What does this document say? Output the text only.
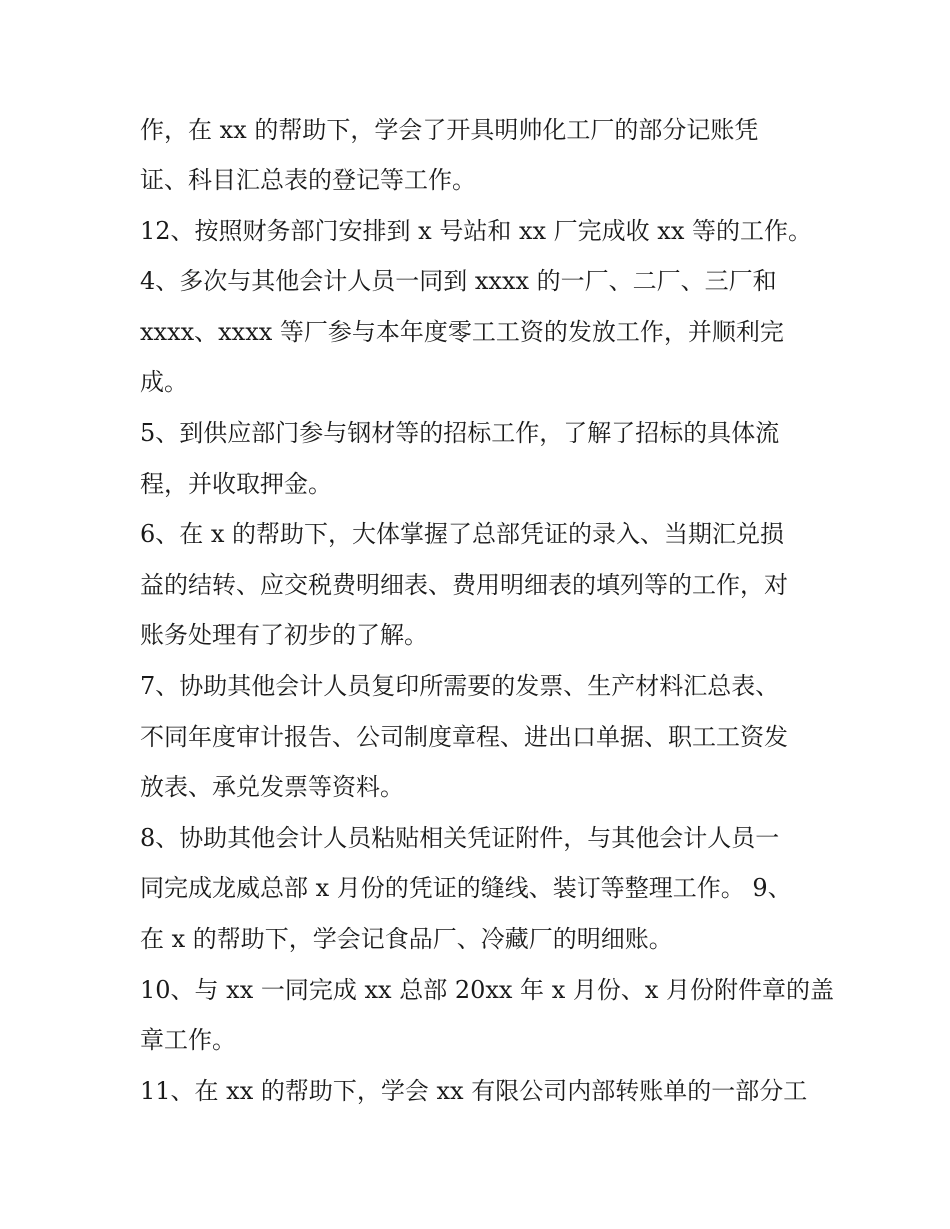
作，在 xx 的帮助下，学会了开具明帅化工厂的部分记账凭
证、科目汇总表的登记等工作。
12、按照财务部门安排到 x 号站和 xx 厂完成收 xx 等的工作。
4、多次与其他会计人员一同到 xxxx 的一厂、二厂、三厂和
xxxx、xxxx 等厂参与本年度零工工资的发放工作，并顺利完
成。
5、到供应部门参与钢材等的招标工作，了解了招标的具体流
程，并收取押金。
6、在 x 的帮助下，大体掌握了总部凭证的录入、当期汇兑损
益的结转、应交税费明细表、费用明细表的填列等的工作，对
账务处理有了初步的了解。
7、协助其他会计人员复印所需要的发票、生产材料汇总表、
不同年度审计报告、公司制度章程、进出口单据、职工工资发
放表、承兑发票等资料。
8、协助其他会计人员粘贴相关凭证附件，与其他会计人员一
同完成龙威总部 x 月份的凭证的缝线、装订等整理工作。 9、
在 x 的帮助下，学会记食品厂、冷藏厂的明细账。
10、与 xx 一同完成 xx 总部 20xx 年 x 月份、x 月份附件章的盖
章工作。
11、在 xx 的帮助下，学会 xx 有限公司内部转账单的一部分工
